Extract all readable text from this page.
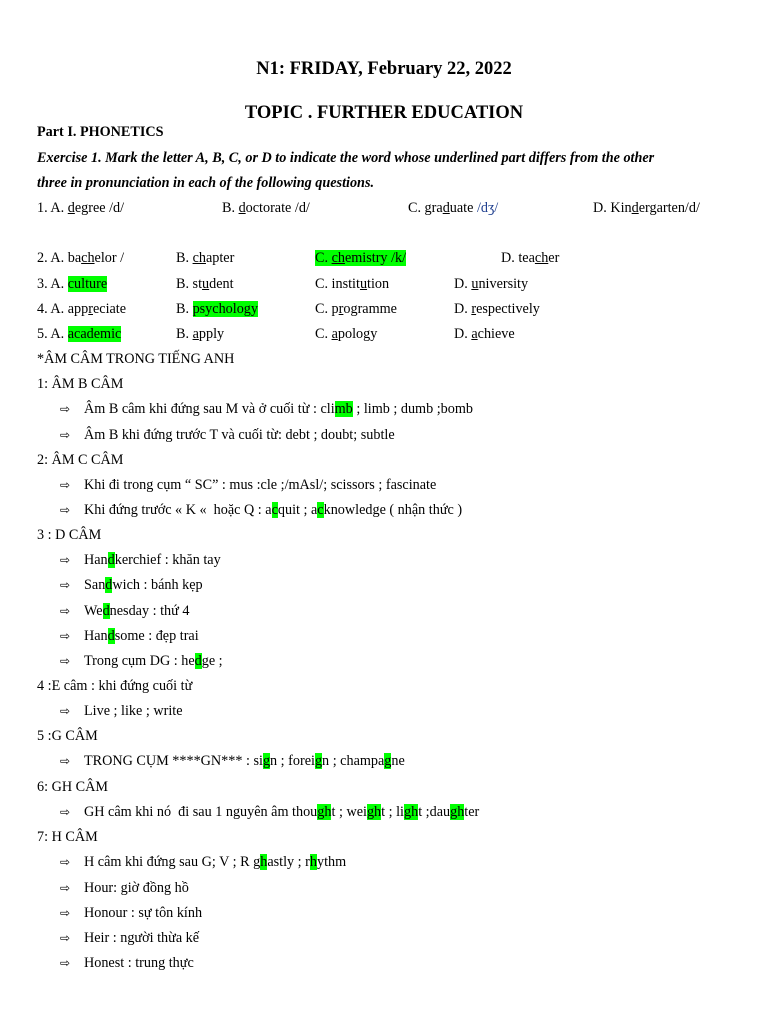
N1: FRIDAY, February 22, 2022
TOPIC . FURTHER EDUCATION
Part I. PHONETICS
Exercise 1. Mark the letter A, B, C, or D to indicate the word whose underlined part differs from the other
three in pronunciation in each of the following questions.
1. A. degree /d/	B. doctorate /d/	C. graduate /dʒ/	D. Kindergarten/d/
2. A. bachelor /	B. chapter	C. chemistry /k/	D. teacher
3. A. culture	B. student	C. institution	D. university
4. A. appreciate	B. psychology	C. programme	D. respectively
5. A. academic	B. apply	C. apology	D. achieve
*ÂM CÂM TRONG TIẾNG ANH
1: ÂM B CÂM
⇨ Âm B câm khi đứng sau M và ở cuối từ : climb ; limb ; dumb ;bomb
⇨ Âm B khi đứng trước T và cuối từ: debt ; doubt; subtle
2: ÂM C CÂM
⇨ Khi đi trong cụm “ SC” : mus :cle ;/mAsl/; scissors ; fascinate
⇨ Khi đứng trước « K «  hoặc Q : acquit ; acknowledge ( nhận thức )
3 : D CÂM
⇨ Handkerchief : khăn tay
⇨ Sandwich : bánh kẹp
⇨ Wednesday : thứ 4
⇨ Handsome : đẹp trai
⇨ Trong cụm DG : hedge ;
4 :E câm : khi đứng cuối từ
⇨ Live ; like ; write
5 :G CÂM
⇨ TRONG CỤM ****GN*** : sign ; foreign ; champagne
6: GH CÂM
⇨ GH câm khi nó  đi sau 1 nguyên âm thought ; weight ; light ;daughter
7: H CÂM
⇨ H câm khi đứng sau G; V ; R ghastly ; rhythm
⇨ Hour: giờ đồng hồ
⇨ Honour : sự tôn kính
⇨ Heir : người thừa kế
⇨ Honest : trung thực
